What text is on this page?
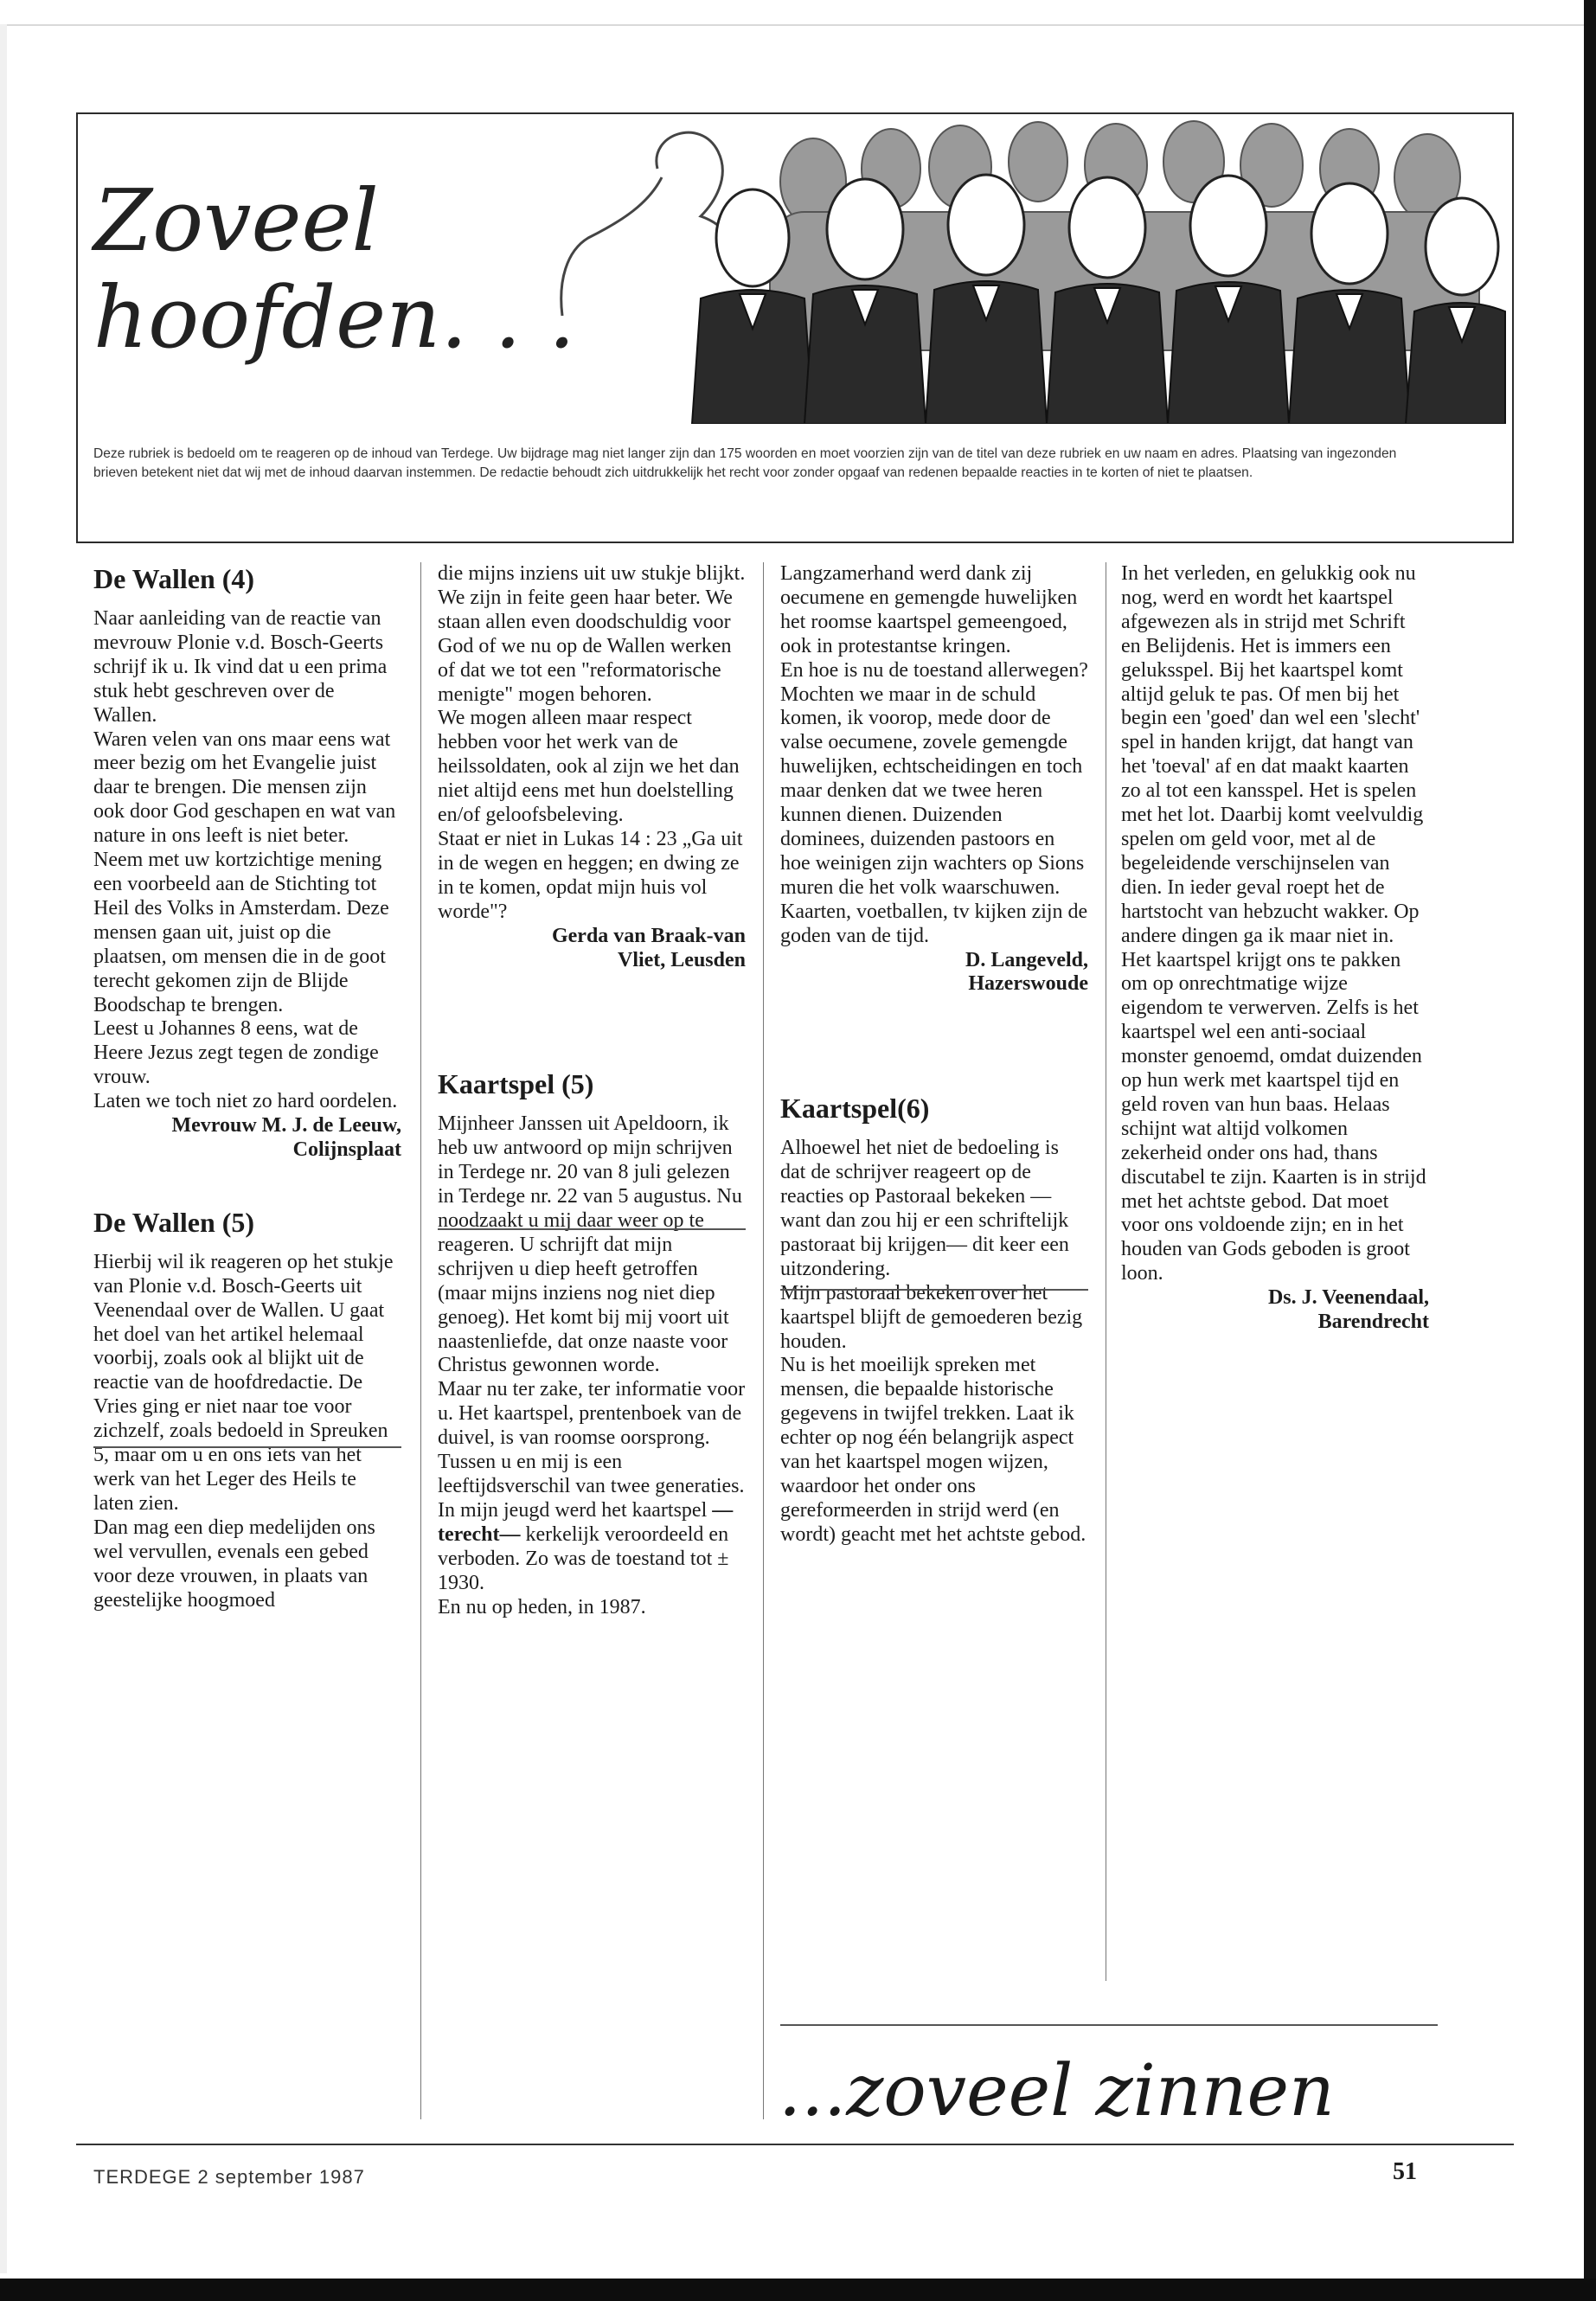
Zoveel
hoofden. . .

Deze rubriek is bedoeld om te reageren op de inhoud van Terdege. Uw bijdrage mag niet langer zijn dan 175 woorden en moet voorzien zijn van de titel van deze rubriek en uw naam en adres. Plaatsing van ingezonden brieven betekent niet dat wij met de inhoud daarvan instemmen. De redactie behoudt zich uitdrukkelijk het recht voor zonder opgaaf van redenen bepaalde reacties in te korten of niet te plaatsen.

De Wallen (4)

Naar aanleiding van de reactie van mevrouw Plonie v.d. Bosch-Geerts schrijf ik u. Ik vind dat u een prima stuk hebt geschreven over de Wallen.

Waren velen van ons maar eens wat meer bezig om het Evangelie juist daar te brengen. Die mensen zijn ook door God geschapen en wat van nature in ons leeft is niet beter.

Neem met uw kortzichtige mening een voorbeeld aan de Stichting tot Heil des Volks in Amsterdam. Deze mensen gaan uit, juist op die plaatsen, om mensen die in de goot terecht gekomen zijn de Blijde Boodschap te brengen.

Leest u Johannes 8 eens, wat de Heere Jezus zegt tegen de zondige vrouw.

Laten we toch niet zo hard oordelen.

Mevrouw M. J. de Leeuw,

Colijnsplaat

De Wallen (5)

Hierbij wil ik reageren op het stukje van Plonie v.d. Bosch-Geerts uit Veenendaal over de Wallen. U gaat het doel van het artikel helemaal voorbij, zoals ook al blijkt uit de reactie van de hoofdredactie. De Vries ging er niet naar toe voor zichzelf, zoals bedoeld in Spreuken 5, maar om u en ons iets van het werk van het Leger des Heils te laten zien.

Dan mag een diep medelijden ons wel vervullen, evenals een gebed voor deze vrouwen, in plaats van geestelijke hoogmoed

die mijns inziens uit uw stukje blijkt.

We zijn in feite geen haar beter. We staan allen even doodschuldig voor God of we nu op de Wallen werken of dat we tot een "reformatorische menigte" mogen behoren.

We mogen alleen maar respect hebben voor het werk van de heilssoldaten, ook al zijn we het dan niet altijd eens met hun doelstelling en/of geloofsbeleving.

Staat er niet in Lukas 14 : 23 „Ga uit in de wegen en heggen; en dwing ze in te komen, opdat mijn huis vol worde"?

Gerda van Braak-van

Vliet, Leusden

Kaartspel (5)

Mijnheer Janssen uit Apeldoorn, ik heb uw antwoord op mijn schrijven in Terdege nr. 20 van 8 juli gelezen in Terdege nr. 22 van 5 augustus. Nu noodzaakt u mij daar weer op te reageren. U schrijft dat mijn schrijven u diep heeft getroffen (maar mijns inziens nog niet diep genoeg). Het komt bij mij voort uit naastenliefde, dat onze naaste voor Christus gewonnen worde.

Maar nu ter zake, ter informatie voor u. Het kaartspel, prentenboek van de duivel, is van roomse oorsprong.

Tussen u en mij is een leeftijdsverschil van twee generaties. In mijn jeugd werd het kaartspel —terecht— kerkelijk veroordeeld en verboden. Zo was de toestand tot ± 1930.

En nu op heden, in 1987.

Langzamerhand werd dank zij oecumene en gemengde huwelijken het roomse kaartspel gemeengoed, ook in protestantse kringen.

En hoe is nu de toestand allerwegen? Mochten we maar in de schuld komen, ik voorop, mede door de valse oecumene, zovele gemengde huwelijken, echtscheidingen en toch maar denken dat we twee heren kunnen dienen. Duizenden dominees, duizenden pastoors en hoe weinigen zijn wachters op Sions muren die het volk waarschuwen.

Kaarten, voetballen, tv kijken zijn de goden van de tijd.

D. Langeveld,

Hazerswoude

Kaartspel(6)

Alhoewel het niet de bedoeling is dat de schrijver reageert op de reacties op Pastoraal bekeken —want dan zou hij er een schriftelijk pastoraat bij krijgen— dit keer een uitzondering.

Mijn pastoraal bekeken over het kaartspel blijft de gemoederen bezig houden.

Nu is het moeilijk spreken met mensen, die bepaalde historische gegevens in twijfel trekken. Laat ik echter op nog één belangrijk aspect van het kaartspel mogen wijzen, waardoor het onder ons gereformeerden in strijd werd (en wordt) geacht met het achtste gebod.

In het verleden, en gelukkig ook nu nog, werd en wordt het kaartspel afgewezen als in strijd met Schrift en Belijdenis. Het is immers een geluksspel. Bij het kaartspel komt altijd geluk te pas. Of men bij het begin een 'goed' dan wel een 'slecht' spel in handen krijgt, dat hangt van het 'toeval' af en dat maakt kaarten zo al tot een kansspel. Het is spelen met het lot. Daarbij komt veelvuldig spelen om geld voor, met al de begeleidende verschijnselen van dien. In ieder geval roept het de hartstocht van hebzucht wakker. Op andere dingen ga ik maar niet in.

Het kaartspel krijgt ons te pakken om op onrechtmatige wijze eigendom te verwerven. Zelfs is het kaartspel wel een anti-sociaal monster genoemd, omdat duizenden op hun werk met kaartspel tijd en geld roven van hun baas. Helaas schijnt wat altijd volkomen zekerheid onder ons had, thans discutabel te zijn. Kaarten is in strijd met het achtste gebod. Dat moet voor ons voldoende zijn; en in het houden van Gods geboden is groot loon.

Ds. J. Veenendaal,

Barendrecht

...zoveel zinnen

TERDEGE 2 september 1987	51
